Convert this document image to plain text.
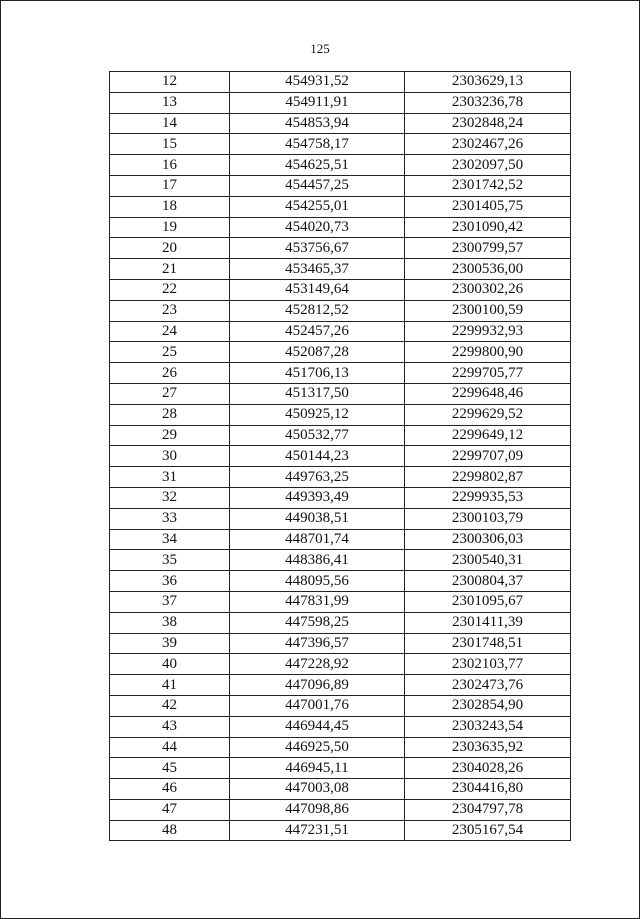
125
12	454931,52	2303629,13
13	454911,91	2303236,78
14	454853,94	2302848,24
15	454758,17	2302467,26
16	454625,51	2302097,50
17	454457,25	2301742,52
18	454255,01	2301405,75
19	454020,73	2301090,42
20	453756,67	2300799,57
21	453465,37	2300536,00
22	453149,64	2300302,26
23	452812,52	2300100,59
24	452457,26	2299932,93
25	452087,28	2299800,90
26	451706,13	2299705,77
27	451317,50	2299648,46
28	450925,12	2299629,52
29	450532,77	2299649,12
30	450144,23	2299707,09
31	449763,25	2299802,87
32	449393,49	2299935,53
33	449038,51	2300103,79
34	448701,74	2300306,03
35	448386,41	2300540,31
36	448095,56	2300804,37
37	447831,99	2301095,67
38	447598,25	2301411,39
39	447396,57	2301748,51
40	447228,92	2302103,77
41	447096,89	2302473,76
42	447001,76	2302854,90
43	446944,45	2303243,54
44	446925,50	2303635,92
45	446945,11	2304028,26
46	447003,08	2304416,80
47	447098,86	2304797,78
48	447231,51	2305167,54
